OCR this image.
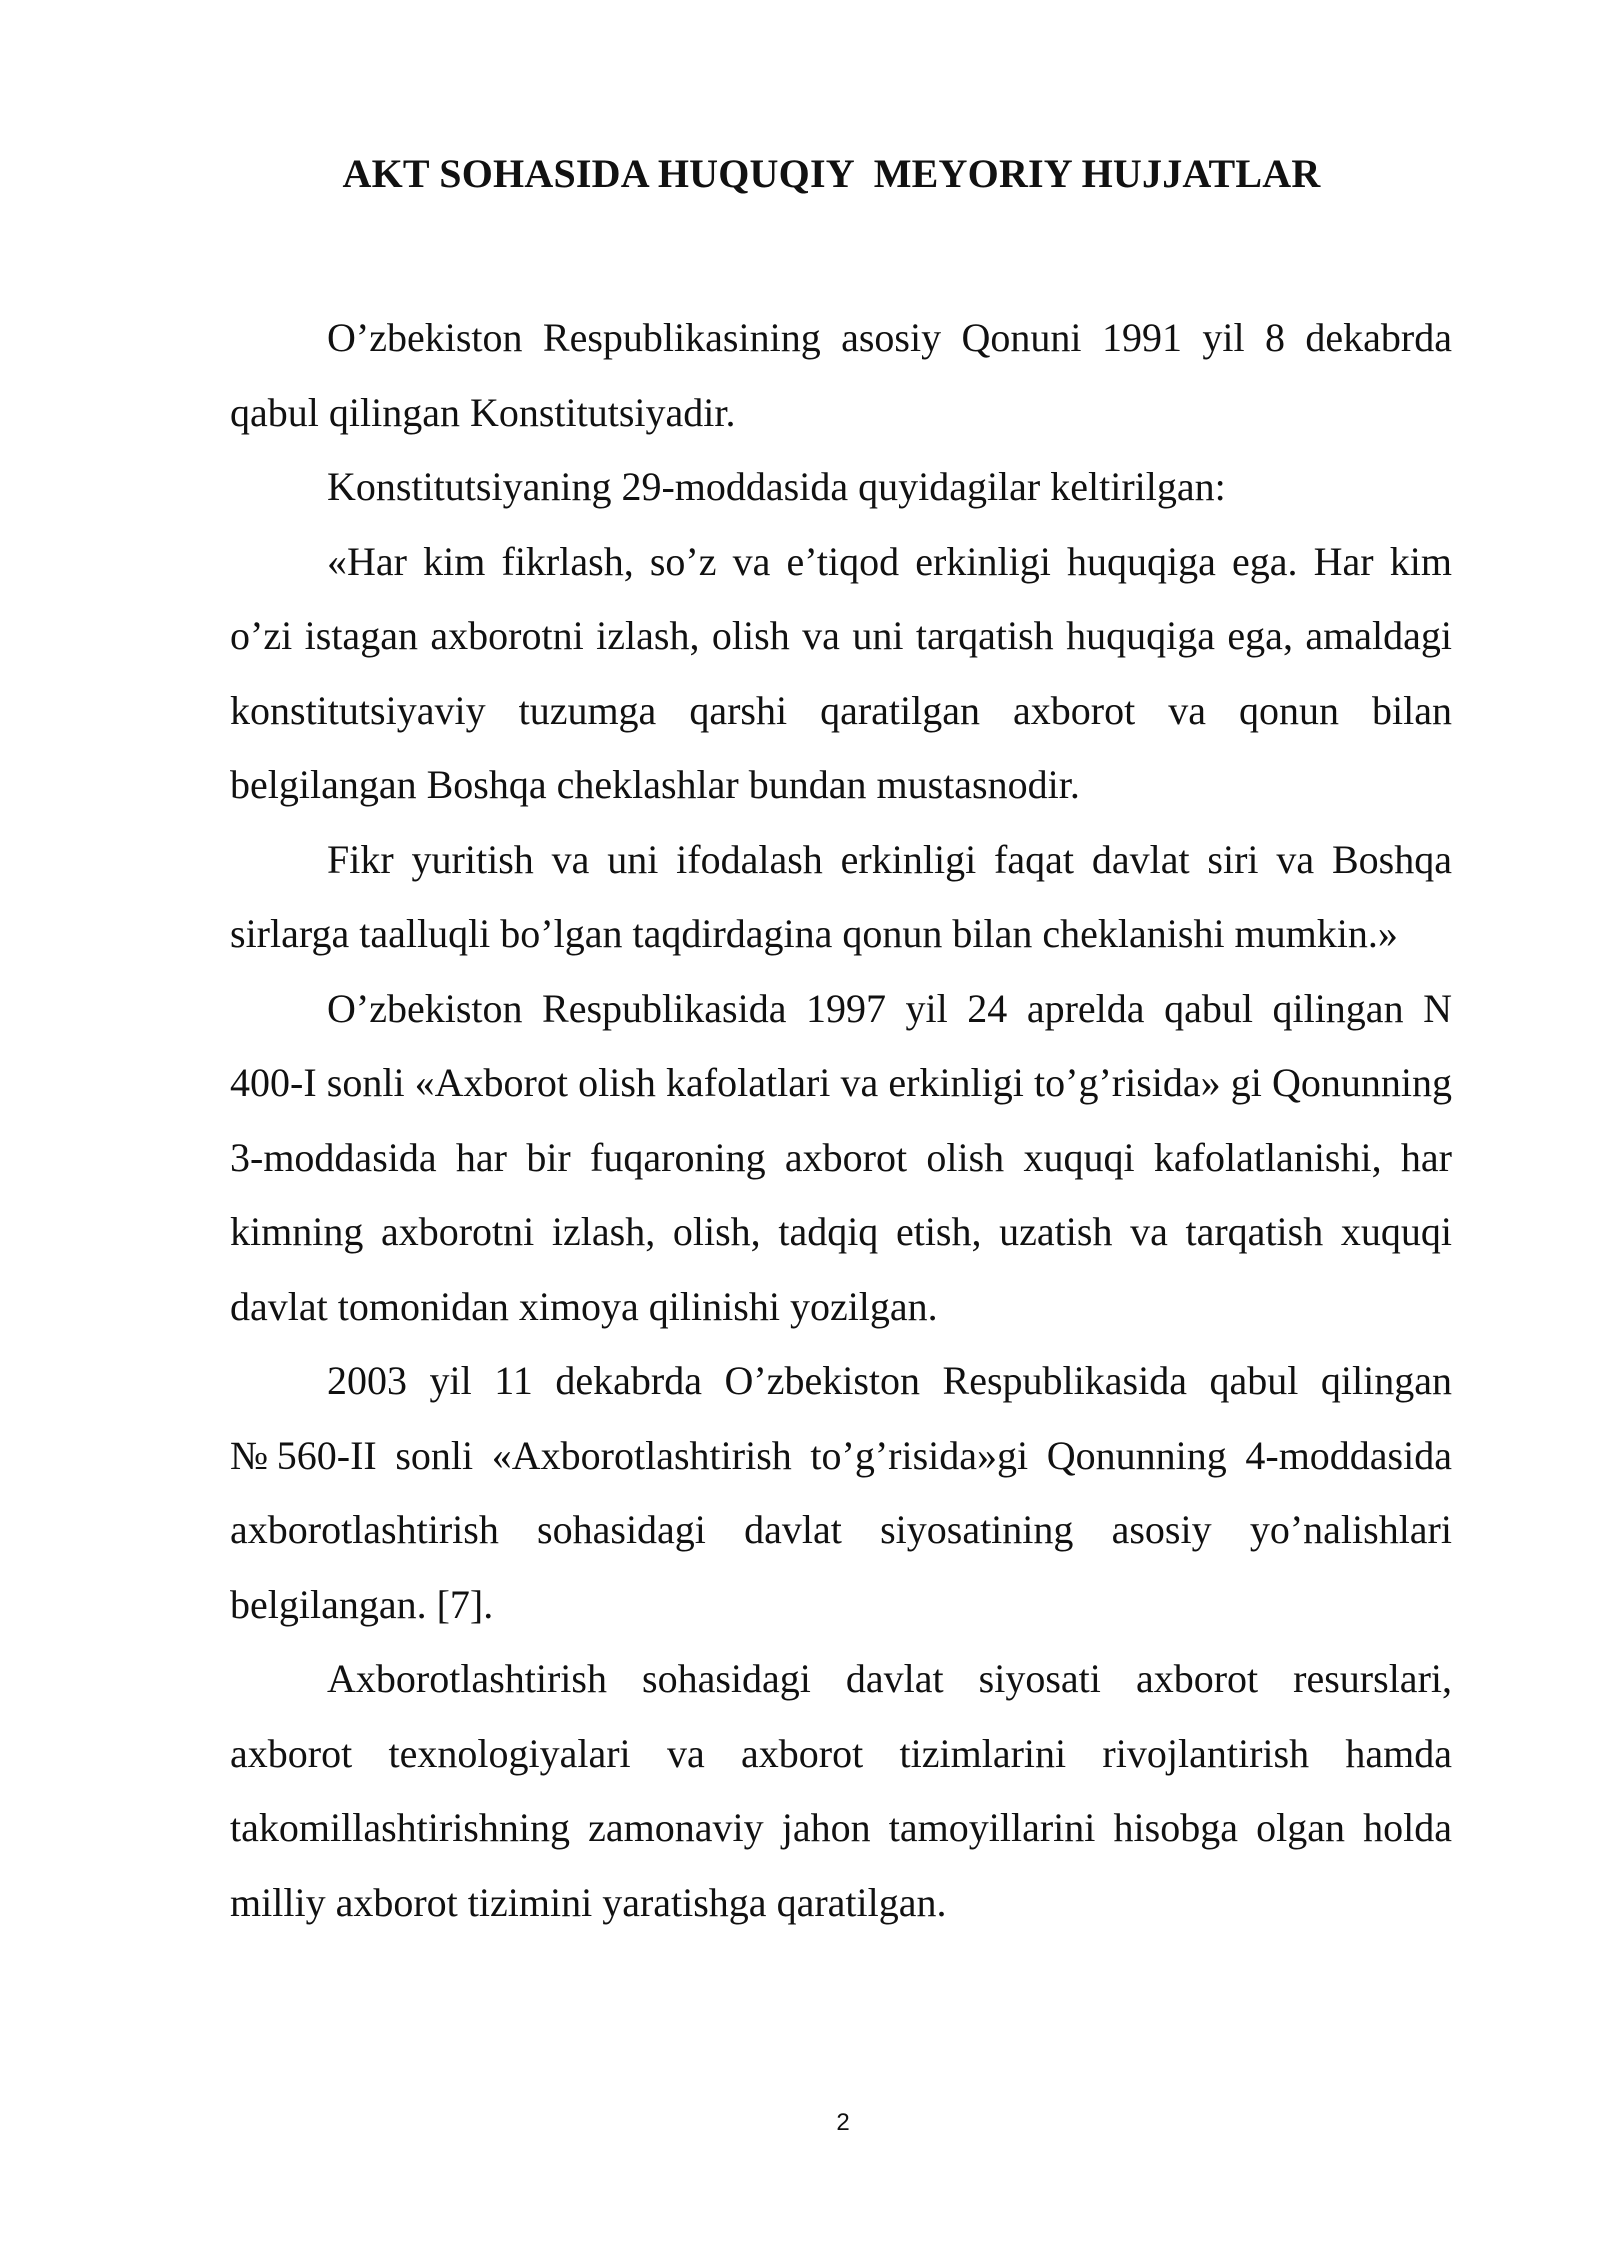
AKT SOHASIDA HUQUQIY  MEYORIY HUJJATLAR

O’zbekiston Respublikasining asosiy Qonuni 1991 yil 8 dekabrda qabul qilingan Konstitutsiyadir.

Konstitutsiyaning 29-moddasida quyidagilar keltirilgan:

«Har kim fikrlash, so’z va e’tiqod erkinligi huquqiga ega. Har kim o’zi istagan axborotni izlash, olish va uni tarqatish huquqiga ega, amaldagi konstitutsiyaviy tuzumga qarshi qaratilgan axborot va qonun bilan belgilangan Boshqa cheklashlar bundan mustasnodir.

Fikr yuritish va uni ifodalash erkinligi faqat davlat siri va Boshqa sirlarga taalluqli bo’lgan taqdirdagina qonun bilan cheklanishi mumkin.»

O’zbekiston Respublikasida 1997 yil 24 aprelda qabul qilingan N 400-I sonli «Axborot olish kafolatlari va erkinligi to’g’risida» gi Qonunning 3-moddasida har bir fuqaroning axborot olish xuquqi kafolatlanishi, har kimning axborotni izlash, olish, tadqiq etish, uzatish va tarqatish xuquqi davlat tomonidan ximoya qilinishi yozilgan.

2003 yil 11 dekabrda O’zbekiston Respublikasida qabul qilingan №560-II sonli «Axborotlashtirish to’g’risida»gi Qonunning 4-moddasida axborotlashtirish sohasidagi davlat siyosatining asosiy yo’nalishlari belgilangan. [7].

Axborotlashtirish sohasidagi davlat siyosati axborot resurslari, axborot texnologiyalari va axborot tizimlarini rivojlantirish hamda takomillashtirishning zamonaviy jahon tamoyillarini hisobga olgan holda milliy axborot tizimini yaratishga qaratilgan.

2
